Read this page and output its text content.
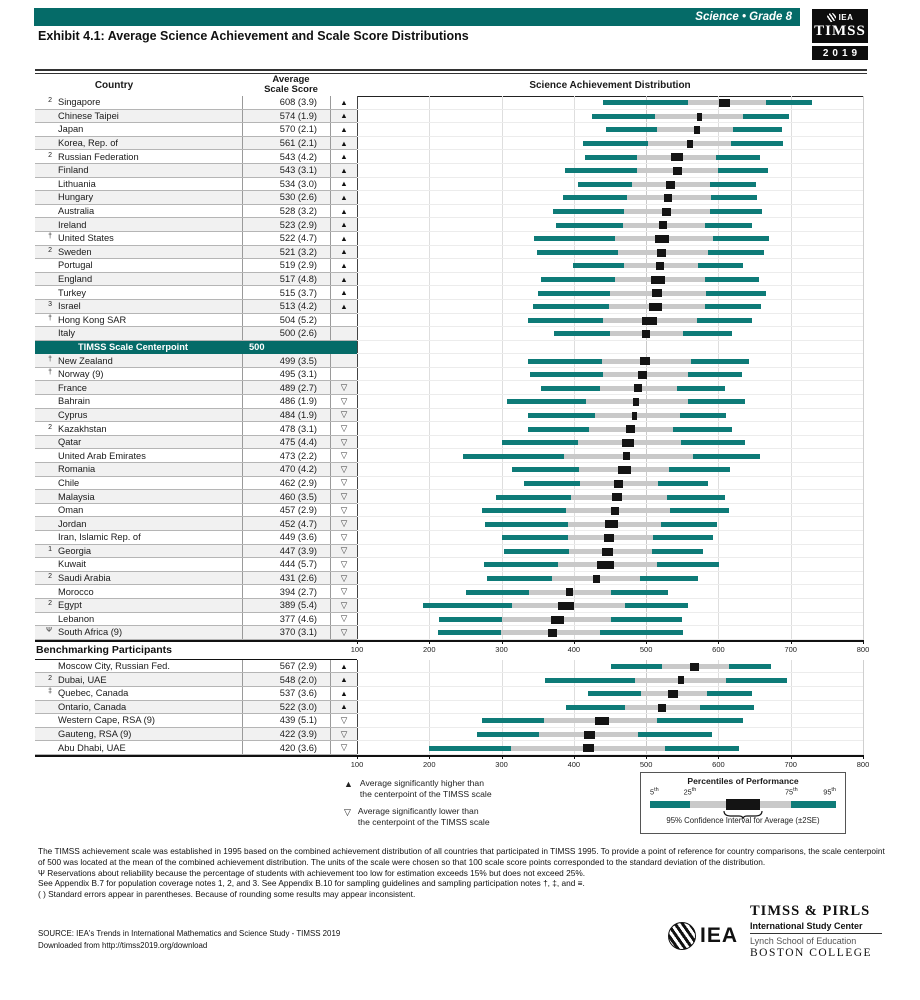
Science • Grade 8
Exhibit 4.1: Average Science Achievement and Scale Score Distributions
IEA
TIMSS
2019
Country
Average
Scale Score	Science Achievement Distribution
2 Singapore	608 (3.9)	▲
Chinese Taipei	574 (1.9)	▲
Japan	570 (2.1)	▲
Korea, Rep. of	561 (2.1)	▲
2 Russian Federation	543 (4.2)	▲
Finland	543 (3.1)	▲
Lithuania	534 (3.0)	▲
Hungary	530 (2.6)	▲
Australia	528 (3.2)	▲
Ireland	523 (2.9)	▲
† United States	522 (4.7)	▲
2 Sweden	521 (3.2)	▲
Portugal	519 (2.9)	▲
England	517 (4.8)	▲
Turkey	515 (3.7)	▲
3 Israel	513 (4.2)	▲
† Hong Kong SAR	504 (5.2)
Italy	500 (2.6)
TIMSS Scale Centerpoint	500
† New Zealand	499 (3.5)
† Norway (9)	495 (3.1)
France	489 (2.7)	▽
Bahrain	486 (1.9)	▽
Cyprus	484 (1.9)	▽
2 Kazakhstan	478 (3.1)	▽
Qatar	475 (4.4)	▽
United Arab Emirates	473 (2.2)	▽
Romania	470 (4.2)	▽
Chile	462 (2.9)	▽
Malaysia	460 (3.5)	▽
Oman	457 (2.9)	▽
Jordan	452 (4.7)	▽
Iran, Islamic Rep. of	449 (3.6)	▽
1 Georgia	447 (3.9)	▽
Kuwait	444 (5.7)	▽
2 Saudi Arabia	431 (2.6)	▽
Morocco	394 (2.7)	▽
2 Egypt	389 (5.4)	▽
Lebanon	377 (4.6)	▽
Ψ South Africa (9)	370 (3.1)	▽
100	200	300	400	500	600	700	800
Benchmarking Participants
Moscow City, Russian Fed.	567 (2.9)	▲
2 Dubai, UAE	548 (2.0)	▲
‡ Quebec, Canada	537 (3.6)	▲
Ontario, Canada	522 (3.0)	▲
Western Cape, RSA (9)	439 (5.1)	▽
Gauteng, RSA (9)	422 (3.9)	▽
Abu Dhabi, UAE	420 (3.6)	▽
100	200	300	400	500	600	700	800
▲ Average significantly higher than
the centerpoint of the TIMSS scale
▽ Average significantly lower than
the centerpoint of the TIMSS scale
Percentiles of Performance
5th	25th	75th	95th
95% Confidence Interval for Average (±2SE)

The TIMSS achievement scale was established in 1995 based on the combined achievement distribution of all countries that participated in TIMSS 1995. To provide a point of reference for country comparisons, the scale centerpoint of 500 was located at the mean of the combined achievement distribution. The units of the scale were chosen so that 100 scale score points corresponded to the standard deviation of the distribution.

Ψ Reservations about reliability because the percentage of students with achievement too low for estimation exceeds 15% but does not exceed 25%.

See Appendix B.7 for population coverage notes 1, 2, and 3. See Appendix B.10 for sampling guidelines and sampling participation notes †, ‡, and ≡.

( ) Standard errors appear in parentheses. Because of rounding some results may appear inconsistent.

SOURCE: IEA's Trends in International Mathematics and Science Study - TIMSS 2019
Downloaded from http://timss2019.org/download	IEA
TIMSS & PIRLS
International Study Center
Lynch School of Education
BOSTON COLLEGE
